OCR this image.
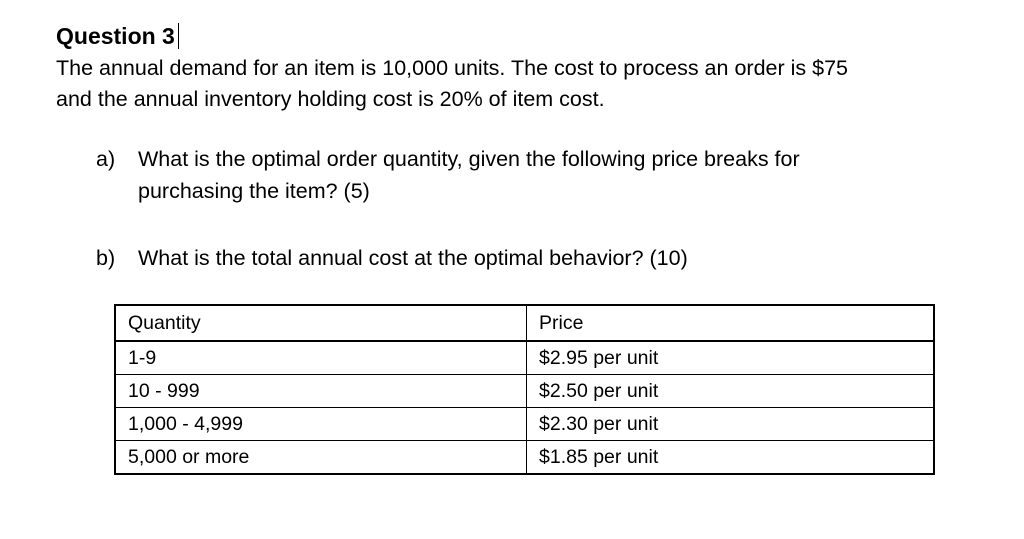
Question 3
The annual demand for an item is 10,000 units. The cost to process an order is $75
and the annual inventory holding cost is 20% of item cost.
a) What is the optimal order quantity, given the following price breaks for
purchasing the item? (5)
b) What is the total annual cost at the optimal behavior? (10)
Quantity	Price
1-9	$2.95 per unit
10 - 999	$2.50 per unit
1,000 - 4,999	$2.30 per unit
5,000 or more	$1.85 per unit
